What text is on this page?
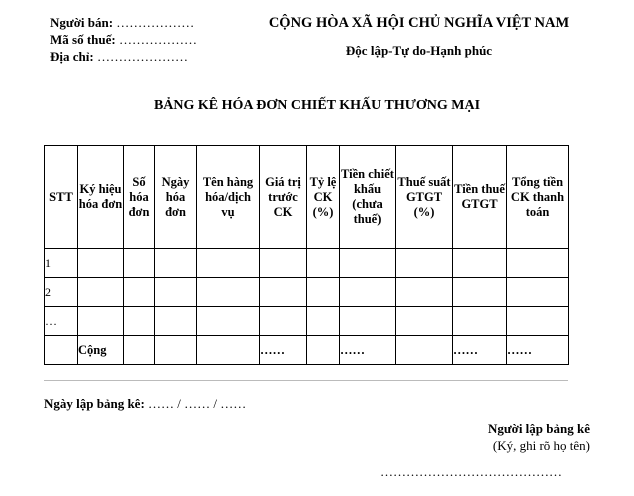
Người bán: ………………
Mã số thuế: ………………
Địa chỉ: …………………
CỘNG HÒA XÃ HỘI CHỦ NGHĨA VIỆT NAM
Độc lập-Tự do-Hạnh phúc
BẢNG KÊ HÓA ĐƠN CHIẾT KHẤU THƯƠNG MẠI
STT	Ký hiệu hóa đơn	Số hóa đơn	Ngày hóa đơn	Tên hàng hóa/dịch vụ	Giá trị trước CK	Tỷ lệ CK (%)	Tiền chiết khấu (chưa thuế)	Thuế suất GTGT (%)	Tiền thuế GTGT	Tổng tiền CK thanh toán
1										
2										
…										
	Cộng				……		……		……	……
Ngày lập bảng kê: …… / …… / ……
Người lập bảng kê
(Ký, ghi rõ họ tên)
……………………………………
